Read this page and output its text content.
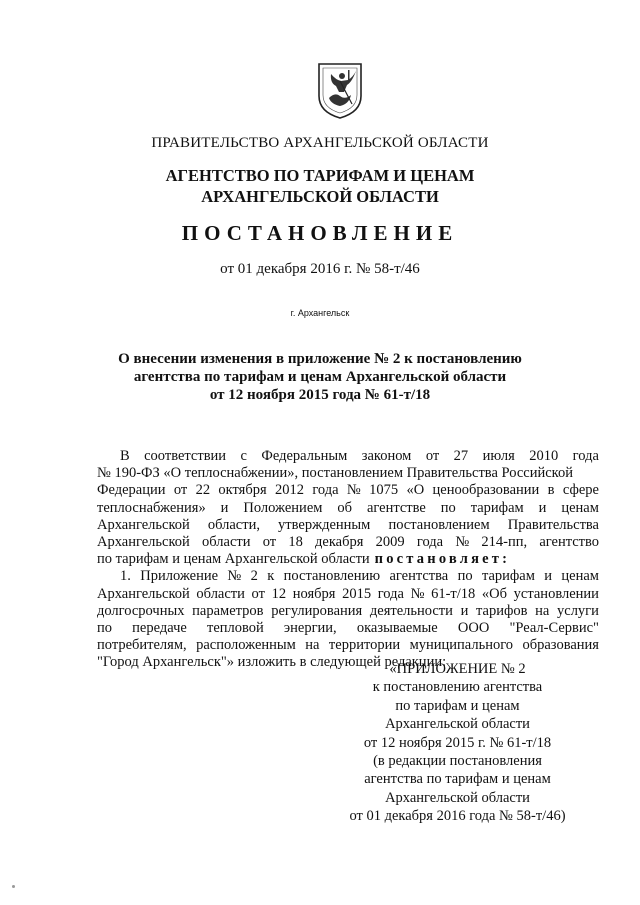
ПРАВИТЕЛЬСТВО АРХАНГЕЛЬСКОЙ ОБЛАСТИ
АГЕНТСТВО ПО ТАРИФАМ И ЦЕНАМ
АРХАНГЕЛЬСКОЙ ОБЛАСТИ
ПОСТАНОВЛЕНИЕ
от 01 декабря 2016 г. № 58-т/46
г. Архангельск
О внесении изменения в приложение № 2 к постановлению
агентства по тарифам и ценам Архангельской области
от 12 ноября 2015 года № 61-т/18
В соответствии с Федеральным законом от 27 июля 2010 года
№ 190-ФЗ «О теплоснабжении», постановлением Правительства Российской
Федерации от 22 октября 2012 года № 1075 «О ценообразовании в сфере
теплоснабжения» и Положением об агентстве по тарифам и ценам
Архангельской области, утвержденным постановлением Правительства
Архангельской области от 18 декабря 2009 года № 214-пп, агентство
по тарифам и ценам Архангельской области постановляет:
1. Приложение № 2 к постановлению агентства по тарифам и ценам
Архангельской области от 12 ноября 2015 года № 61-т/18 «Об установлении
долгосрочных параметров регулирования деятельности и тарифов на услуги
по передаче тепловой энергии, оказываемые ООО "Реал-Сервис"
потребителям, расположенным на территории муниципального образования
"Город Архангельск"» изложить в следующей редакции:
«ПРИЛОЖЕНИЕ № 2
к постановлению агентства
по тарифам и ценам
Архангельской области
от 12 ноября 2015 г. № 61-т/18
(в редакции постановления
агентства по тарифам и ценам
Архангельской области
от 01 декабря 2016 года № 58-т/46)
